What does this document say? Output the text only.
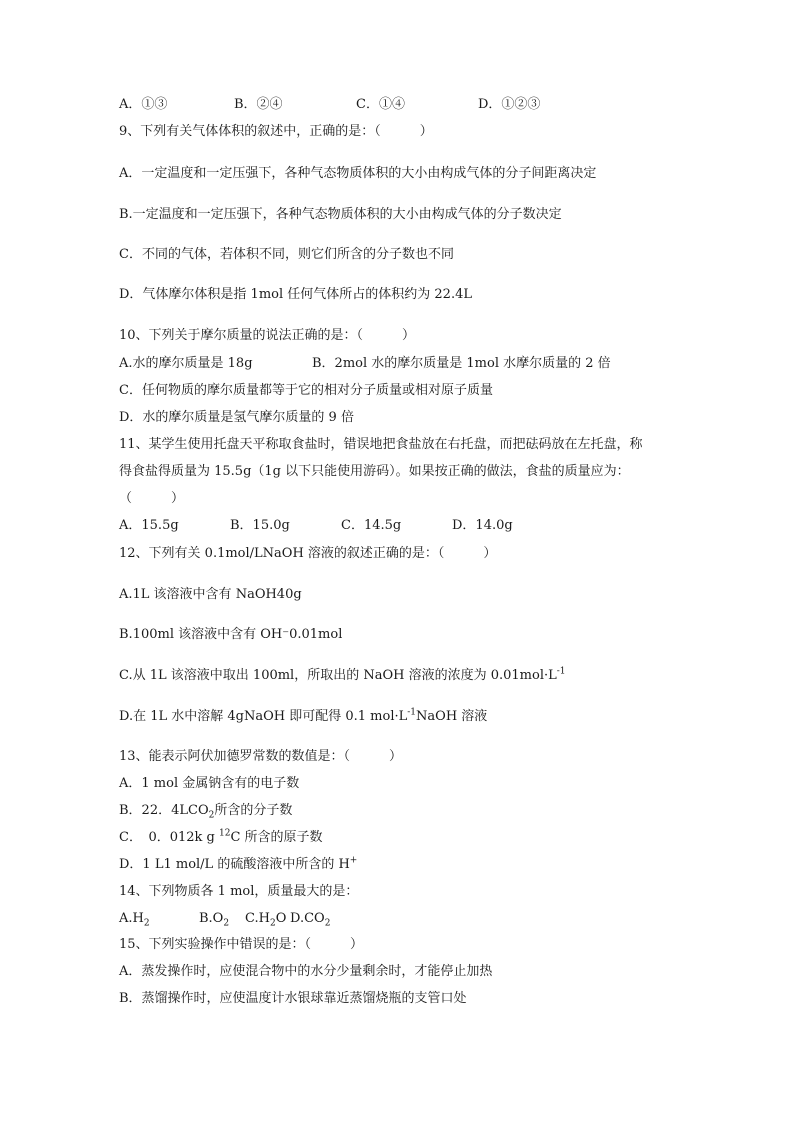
A．①③	B．②④	C．①④	D．①②③
9、下列有关气体体积的叙述中，正确的是：（　　　）
A．一定温度和一定压强下，各种气态物质体积的大小由构成气体的分子间距离决定
B.一定温度和一定压强下，各种气态物质体积的大小由构成气体的分子数决定
C．不同的气体，若体积不同，则它们所含的分子数也不同
D．气体摩尔体积是指 1mol 任何气体所占的体积约为 22.4L
10、下列关于摩尔质量的说法正确的是：（　　　）
A.水的摩尔质量是 18g	B．2mol 水的摩尔质量是 1mol 水摩尔质量的 2 倍
C．任何物质的摩尔质量都等于它的相对分子质量或相对原子质量
D．水的摩尔质量是氢气摩尔质量的 9 倍
11、某学生使用托盘天平称取食盐时，错误地把食盐放在右托盘，而把砝码放在左托盘，称
得食盐得质量为 15.5g（1g 以下只能使用游码）。如果按正确的做法，食盐的质量应为：
（　　　）
A．15.5g	B．15.0g	C．14.5g	D．14.0g
12、下列有关 0.1mol/LNaOH 溶液的叙述正确的是：（　　　）
A.1L 该溶液中含有 NaOH40g
B.100ml 该溶液中含有 OH⁻0.01mol
C.从 1L 该溶液中取出 100ml，所取出的 NaOH 溶液的浓度为 $0.01mol\cdot L^{-1}$
D.在 1L 水中溶解 4gNaOH 即可配得 0.1 $mol\cdot L^{-1}NaOH$ 溶液
13、能表示阿伏加德罗常数的数值是：（　　　）
A．1 mol 金属钠含有的电子数
B．22．$4LCO_2$所含的分子数
C．　0．012k g $^{12}$C 所含的原子数
D．1 L1 mol/L 的硫酸溶液中所含的 H+
14、下列物质各 1 mol，质量最大的是：
$A.H_2$	$B.O_2$ $C.H_2O$ $D.CO_2$
15、下列实验操作中错误的是：（　　　）
A．蒸发操作时，应使混合物中的水分少量剩余时，才能停止加热
B．蒸馏操作时，应使温度计水银球靠近蒸馏烧瓶的支管口处
